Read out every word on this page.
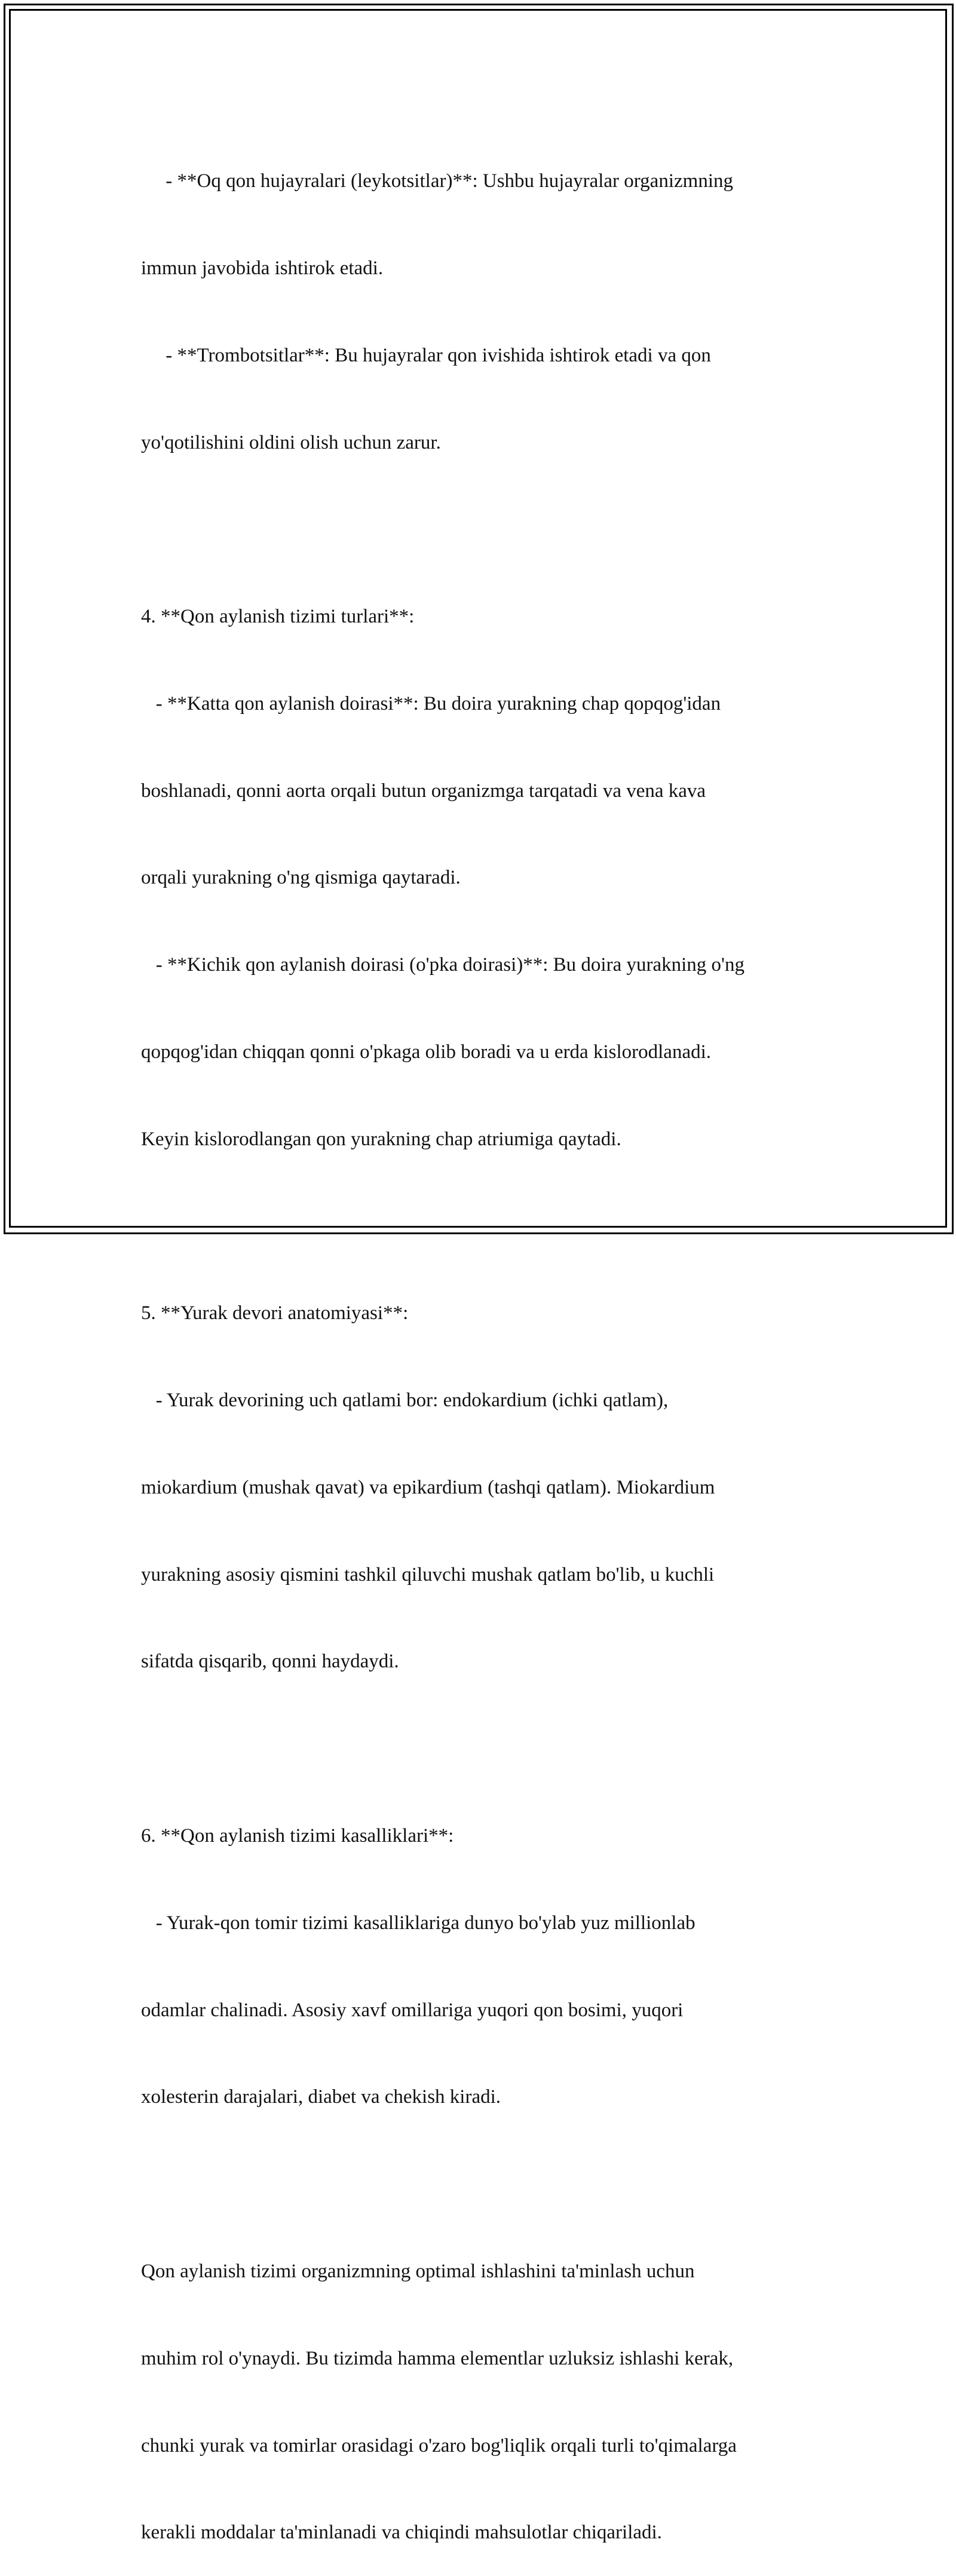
- **Oq qon hujayralari (leykotsitlar)**: Ushbu hujayralar organizmning

immun javobida ishtirok etadi.

- **Trombotsitlar**: Bu hujayralar qon ivishida ishtirok etadi va qon

yo'qotilishini oldini olish uchun zarur.

4. **Qon aylanish tizimi turlari**:

- **Katta qon aylanish doirasi**: Bu doira yurakning chap qopqog'idan

boshlanadi, qonni aorta orqali butun organizmga tarqatadi va vena kava

orqali yurakning o'ng qismiga qaytaradi.

- **Kichik qon aylanish doirasi (o'pka doirasi)**: Bu doira yurakning o'ng

qopqog'idan chiqqan qonni o'pkaga olib boradi va u erda kislorodlanadi.

Keyin kislorodlangan qon yurakning chap atriumiga qaytadi.

5. **Yurak devori anatomiyasi**:

- Yurak devorining uch qatlami bor: endokardium (ichki qatlam),

miokardium (mushak qavat) va epikardium (tashqi qatlam). Miokardium

yurakning asosiy qismini tashkil qiluvchi mushak qatlam bo'lib, u kuchli

sifatda qisqarib, qonni haydaydi.

6. **Qon aylanish tizimi kasalliklari**:

- Yurak-qon tomir tizimi kasalliklariga dunyo bo'ylab yuz millionlab

odamlar chalinadi. Asosiy xavf omillariga yuqori qon bosimi, yuqori

xolesterin darajalari, diabet va chekish kiradi.

Qon aylanish tizimi organizmning optimal ishlashini ta'minlash uchun

muhim rol o'ynaydi. Bu tizimda hamma elementlar uzluksiz ishlashi kerak,

chunki yurak va tomirlar orasidagi o'zaro bog'liqlik orqali turli to'qimalarga

kerakli moddalar ta'minlanadi va chiqindi mahsulotlar chiqariladi.
